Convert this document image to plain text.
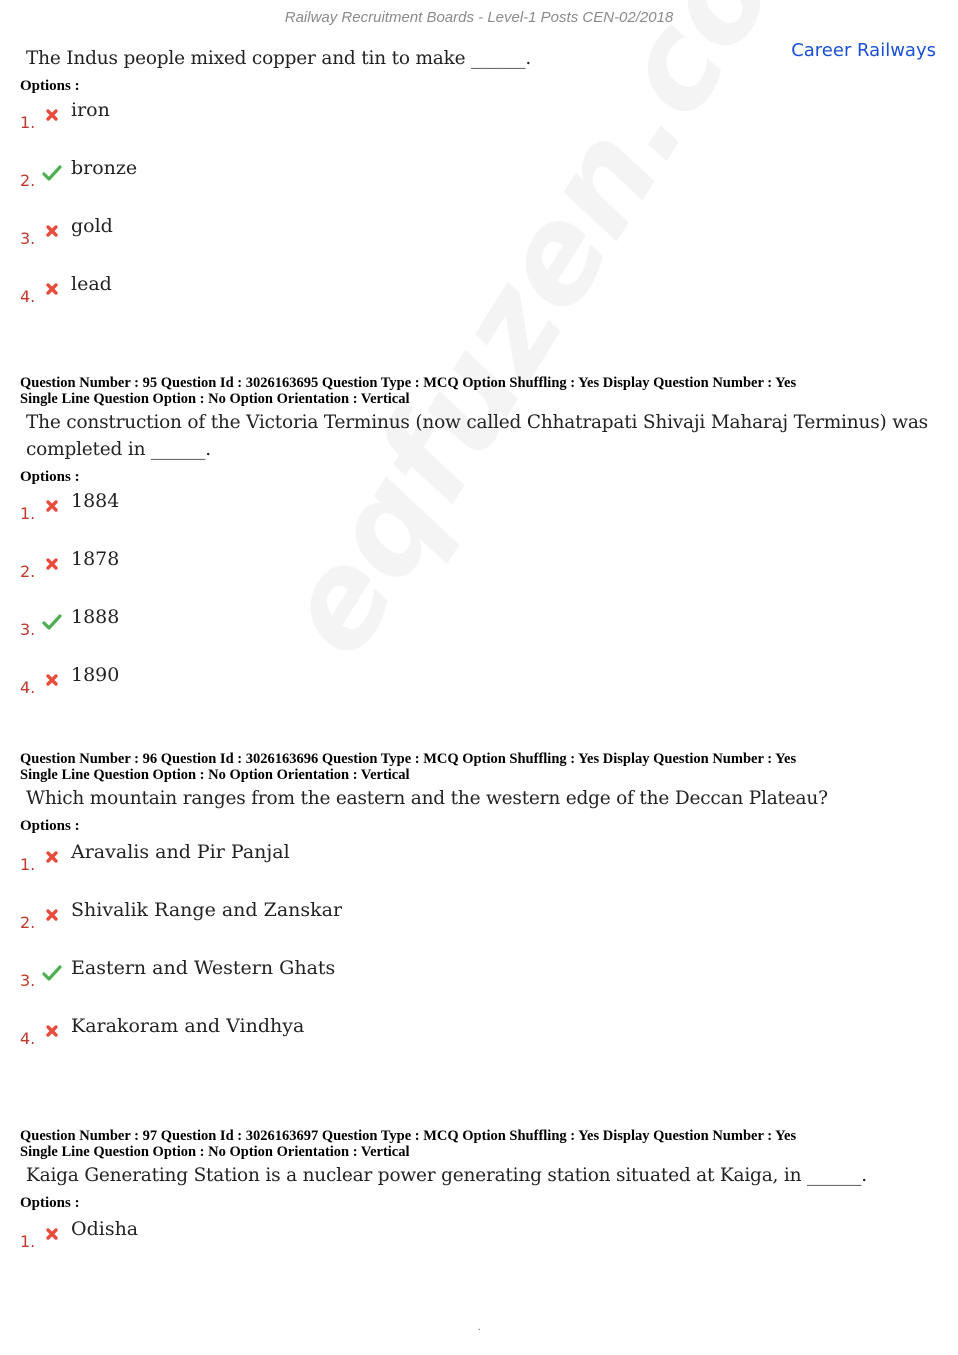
Railway Recruitment Boards - Level-1 Posts CEN-02/2018
Career Railways
The Indus people mixed copper and tin to make ______.
Options :
1.
iron
2.
bronze
3.
gold
4.
lead
Question Number : 95 Question Id : 3026163695 Question Type : MCQ Option Shuffling : Yes Display Question Number : Yes
Single Line Question Option : No Option Orientation : Vertical
The construction of the Victoria Terminus (now called Chhatrapati Shivaji Maharaj Terminus) was completed in ______.
Options :
1.
1884
2.
1878
3.
1888
4.
1890
Question Number : 96 Question Id : 3026163696 Question Type : MCQ Option Shuffling : Yes Display Question Number : Yes
Single Line Question Option : No Option Orientation : Vertical
Which mountain ranges from the eastern and the western edge of the Deccan Plateau?
Options :
1.
Aravalis and Pir Panjal
2.
Shivalik Range and Zanskar
3.
Eastern and Western Ghats
4.
Karakoram and Vindhya
Question Number : 97 Question Id : 3026163697 Question Type : MCQ Option Shuffling : Yes Display Question Number : Yes
Single Line Question Option : No Option Orientation : Vertical
Kaiga Generating Station is a nuclear power generating station situated at Kaiga, in ______.
Options :
1.
Odisha
.
